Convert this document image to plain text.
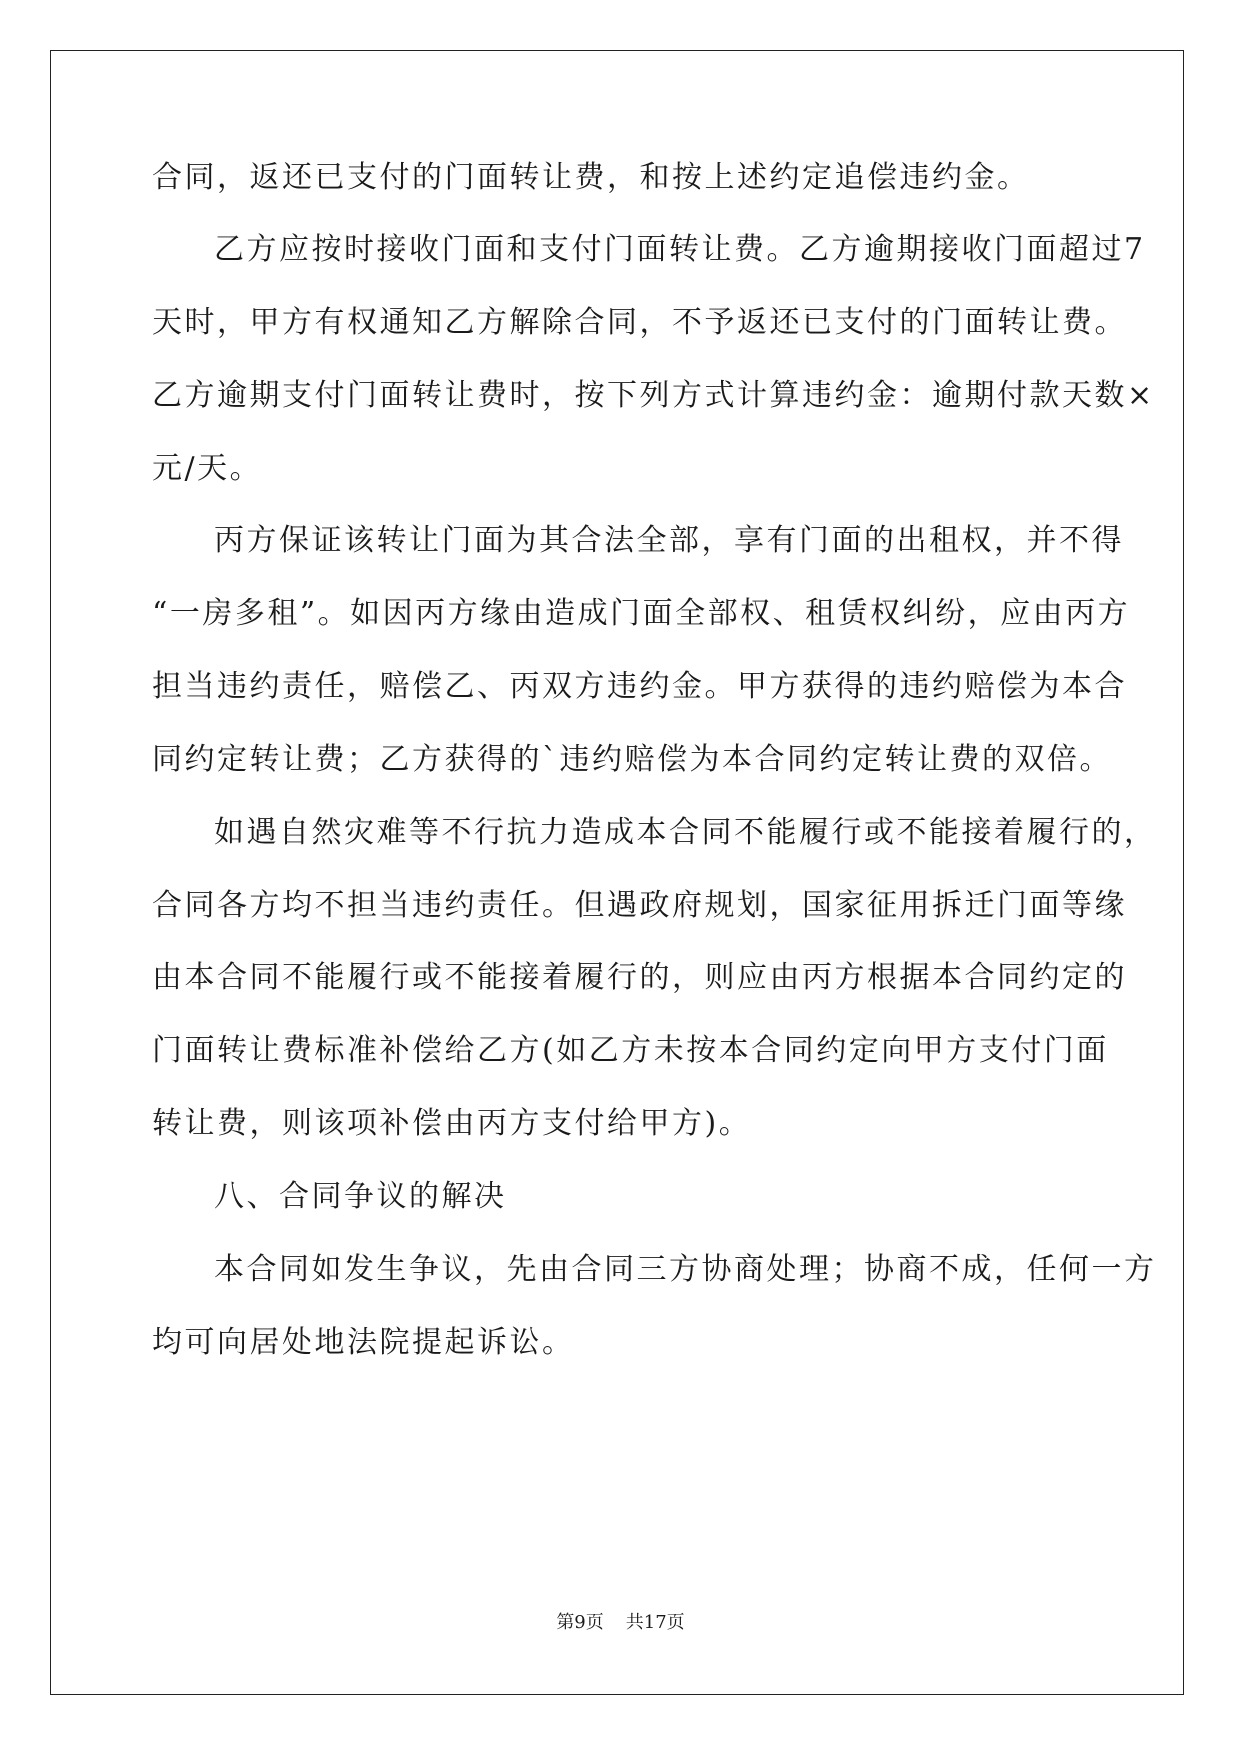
合同，返还已支付的门面转让费，和按上述约定追偿违约金。
乙方应按时接收门面和支付门面转让费。乙方逾期接收门面超过7
天时，甲方有权通知乙方解除合同，不予返还已支付的门面转让费。
乙方逾期支付门面转让费时，按下列方式计算违约金：逾期付款天数×
元/天。
丙方保证该转让门面为其合法全部，享有门面的出租权，并不得
“一房多租”。如因丙方缘由造成门面全部权、租赁权纠纷，应由丙方
担当违约责任，赔偿乙、丙双方违约金。甲方获得的违约赔偿为本合
同约定转让费；乙方获得的`违约赔偿为本合同约定转让费的双倍。
如遇自然灾难等不行抗力造成本合同不能履行或不能接着履行的，
合同各方均不担当违约责任。但遇政府规划，国家征用拆迁门面等缘
由本合同不能履行或不能接着履行的，则应由丙方根据本合同约定的
门面转让费标准补偿给乙方(如乙方未按本合同约定向甲方支付门面
转让费，则该项补偿由丙方支付给甲方)。
八、合同争议的解决
本合同如发生争议，先由合同三方协商处理；协商不成，任何一方
均可向居处地法院提起诉讼。
第9页 共17页
